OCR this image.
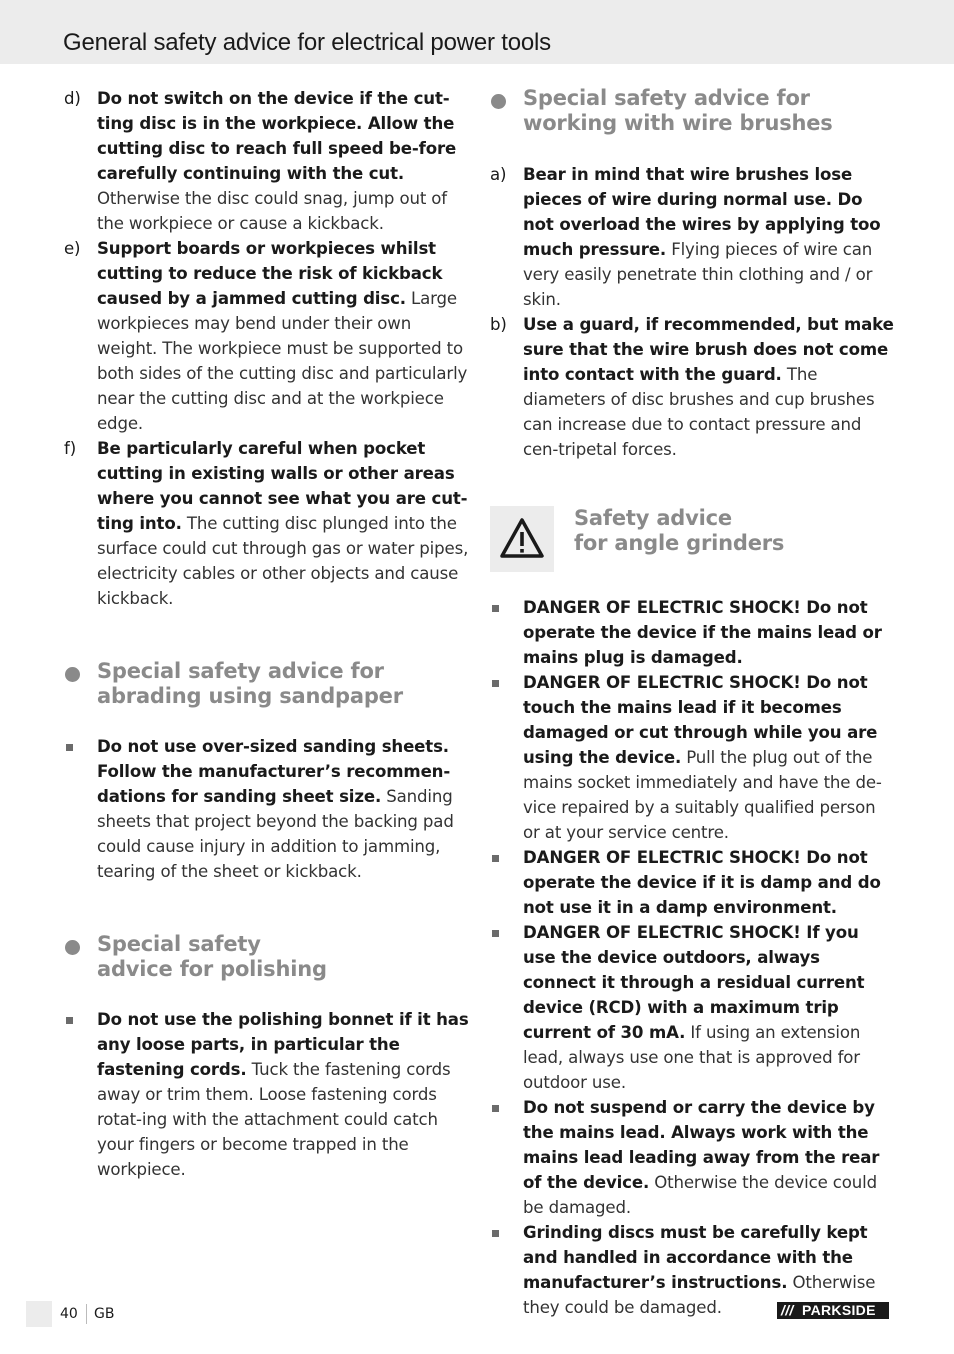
General safety advice for electrical power tools
d) Do not switch on the device if the cut-ting disc is in the workpiece. Allow the cutting disc to reach full speed be-fore carefully continuing with the cut. Otherwise the disc could snag, jump out of the workpiece or cause a kickback.
e) Support boards or workpieces whilst cutting to reduce the risk of kickback caused by a jammed cutting disc. Large workpieces may bend under their own weight. The workpiece must be supported to both sides of the cutting disc and particularly near the cutting disc and at the workpiece edge.
f) Be particularly careful when pocket cutting in existing walls or other areas where you cannot see what you are cut-ting into. The cutting disc plunged into the surface could cut through gas or water pipes, electricity cables or other objects and cause kickback.
Special safety advice for
abrading using sandpaper
Do not use over-sized sanding sheets. Follow the manufacturer’s recommen-dations for sanding sheet size. Sanding sheets that project beyond the backing pad could cause injury in addition to jamming, tearing of the sheet or kickback.
Special safety
advice for polishing
Do not use the polishing bonnet if it has any loose parts, in particular the fastening cords. Tuck the fastening cords away or trim them. Loose fastening cords rotat-ing with the attachment could catch your fingers or become trapped in the workpiece.
Special safety advice for
working with wire brushes
a) Bear in mind that wire brushes lose pieces of wire during normal use. Do not overload the wires by applying too much pressure. Flying pieces of wire can very easily penetrate thin clothing and / or skin.
b) Use a guard, if recommended, but make sure that the wire brush does not come into contact with the guard. The diameters of disc brushes and cup brushes can increase due to contact pressure and cen-tripetal forces.
Safety advice
for angle grinders
DANGER OF ELECTRIC SHOCK! Do not operate the device if the mains lead or mains plug is damaged.
DANGER OF ELECTRIC SHOCK! Do not touch the mains lead if it becomes damaged or cut through while you are using the device. Pull the plug out of the mains socket immediately and have the de-vice repaired by a suitably qualified person or at your service centre.
DANGER OF ELECTRIC SHOCK! Do not operate the device if it is damp and do not use it in a damp environment.
DANGER OF ELECTRIC SHOCK! If you use the device outdoors, always connect it through a residual current device (RCD) with a maximum trip current of 30 mA. If using an extension lead, always use one that is approved for outdoor use.
Do not suspend or carry the device by the mains lead. Always work with the mains lead leading away from the rear of the device. Otherwise the device could be damaged.
Grinding discs must be carefully kept and handled in accordance with the manufacturer’s instructions. Otherwise they could be damaged.
40 GB	/// PARKSIDE
